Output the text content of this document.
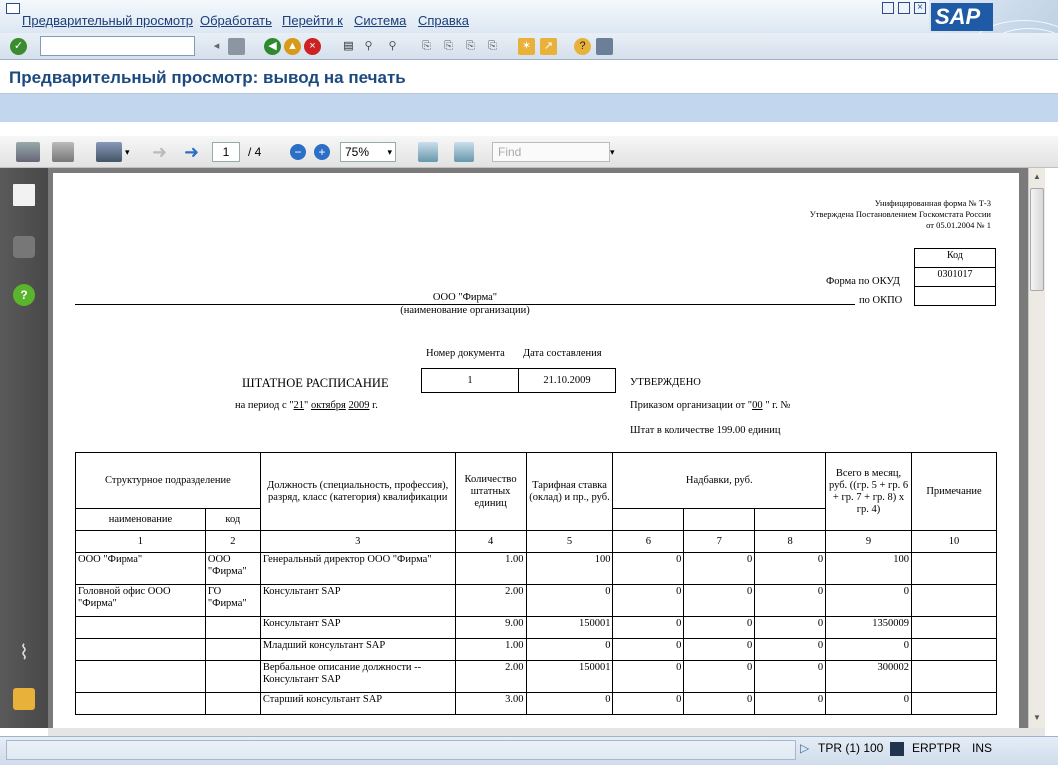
Предварительный просмотр Обработать Перейти к Система Справка
× SAP
✓	◂	◀ ▲	×	▤ ⚲	⚲	⎘	⎘	⎘	⎘	✶	↗	?
Предварительный просмотр: вывод на печать
▾ ➜ ➜	1	/ 4	−	+	75% ▾	Find	▾
?
⌇
Унифицированная форма № Т-3
Утверждена Постановлением Госкомстата России
от 05.01.2004 № 1
Код
0301017

Форма по ОКУД
по ОКПО
ООО "Фирма"
(наименование организации)
Номер документа Дата составления
ШТАТНОЕ РАСПИСАНИЕ	1	21.10.2009	УТВЕРЖДЕНО
на период с "21" октября 2009 г.	Приказом организации от "00 " г. №
Штат в количестве 199.00 единиц
Структурное подразделение		Должность (специальность, профессия), разряд, класс (категория) квалификации	Количество штатных единиц	Тарифная ставка (оклад) и пр., руб.	Надбавки, руб.			Всего в месяц, руб. ((гр. 5 + гр. 6 + гр. 7 + гр. 8) x гр. 4)	Примечание
наименование	код								
1	2	3	4	5	6	7	8	9	10
ООО "Фирма"	ООО "Фирма"	Генеральный директор ООО "Фирма"	1.00	100	0	0	0	100	
Головной офис ООО "Фирма"	ГО "Фирма"	Консультант SAP	2.00	0	0	0	0	0	
		Консультант SAP	9.00	150001	0	0	0	1350009	
		Младший консультант SAP	1.00	0	0	0	0	0	
		Вербальное описание должности -- Консультант SAP	2.00	150001	0	0	0	300002	
		Старший консультант SAP	3.00	0	0	0	0	0	
▲
▼
▷ TPR (1) 100 ERPTPR INS
